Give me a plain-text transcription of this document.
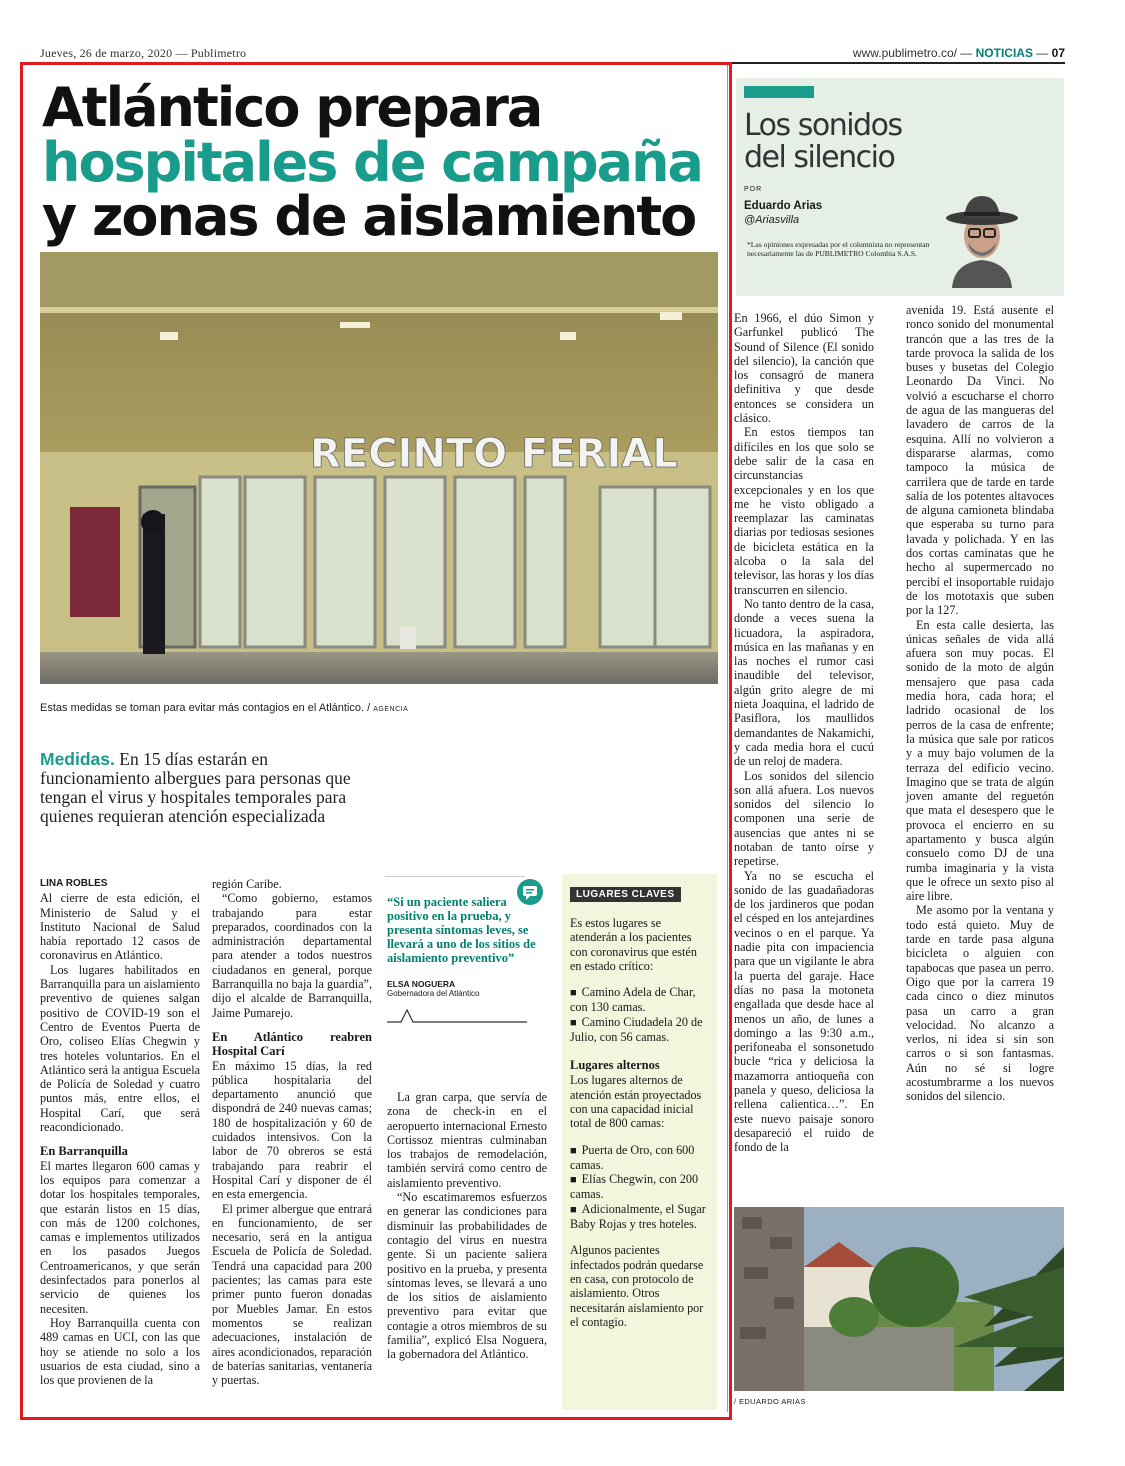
Jueves, 26 de marzo, 2020 — Publimetro	www.publimetro.co/ — NOTICIAS — 07
Atlántico prepara
hospitales de campaña
y zonas de aislamiento
RECINTO FERIAL
Estas medidas se toman para evitar más contagios en el Atlántico. / AGENCIA
Medidas. En 15 días estarán en funcionamiento albergues para personas que tengan el virus y hospitales temporales para quienes requieran atención especializada

LINA ROBLES

Al cierre de esta edición, el Ministerio de Salud y el Instituto Nacional de Salud había reportado 12 casos de coronavirus en Atlántico.

Los lugares habilitados en Barranquilla para un aislamiento preventivo de quienes salgan positivo de COVID-19 son el Centro de Eventos Puerta de Oro, coliseo Elías Chegwin y tres hoteles voluntarios. En el Atlántico será la antigua Escuela de Policía de Soledad y cuatro puntos más, entre ellos, el Hospital Carí, que será reacondicionado.

En Barranquilla

El martes llegaron 600 camas y los equipos para comenzar a dotar los hospitales temporales, que estarán listos en 15 días, con más de 1200 colchones, camas e implementos utilizados en los pasados Juegos Centroamericanos, y que serán desinfectados para ponerlos al servicio de quienes los necesiten.

Hoy Barranquilla cuenta con 489 camas en UCI, con las que hoy se atiende no solo a los usuarios de esta ciudad, sino a los que provienen de la

región Caribe.

“Como gobierno, estamos trabajando para estar preparados, coordinados con la administración departamental para atender a todos nuestros ciudadanos en general, porque Barranquilla no baja la guardia”, dijo el alcalde de Barranquilla, Jaime Pumarejo.

En Atlántico reabren Hospital Carí

En máximo 15 días, la red pública hospitalaria del departamento anunció que dispondrá de 240 nuevas camas; 180 de hospitalización y 60 de cuidados intensivos. Con la labor de 70 obreros se está trabajando para reabrir el Hospital Carí y disponer de él en esta emergencia.

El primer albergue que entrará en funcionamiento, de ser necesario, será en la antigua Escuela de Policía de Soledad. Tendrá una capacidad para 200 pacientes; las camas para este primer punto fueron donadas por Muebles Jamar. En estos momentos se realizan adecuaciones, instalación de aires acondicionados, reparación de baterías sanitarias, ventanería y puertas.

“Si un paciente saliera positivo en la prueba, y presenta síntomas leves, se llevará a uno de los sitios de aislamiento preventivo”
ELSA NOGUERA
Gobernadora del Atlántico

La gran carpa, que servía de zona de check-in en el aeropuerto internacional Ernesto Cortissoz mientras culminaban los trabajos de remodelación, también servirá como centro de aislamiento preventivo.

“No escatimaremos esfuerzos en generar las condiciones para disminuir las probabilidades de contagio del virus en nuestra gente. Si un paciente saliera positivo en la prueba, y presenta síntomas leves, se llevará a uno de los sitios de aislamiento preventivo para evitar que contagie a otros miembros de su familia”, explicó Elsa Noguera, la gobernadora del Atlántico.

LUGARES CLAVES
Es estos lugares se atenderán a los pacientes con coronavirus que estén en estado crítico:
■ Camino Adela de Char, con 130 camas.
■ Camino Ciudadela 20 de Julio, con 56 camas.
Lugares alternos
Los lugares alternos de atención están proyectados con una capacidad inicial total de 800 camas:
■ Puerta de Oro, con 600 camas.
■ Elías Chegwin, con 200 camas.
■ Adicionalmente, el Sugar Baby Rojas y tres hoteles.
Algunos pacientes infectados podrán quedarse en casa, con protocolo de aislamiento. Otros necesitarán aislamiento por el contagio.
Los sonidos
del silencio
POR
Eduardo Arias
@Ariasvilla
*Las opiniones expresadas por el columnista no representan necesariamente las de PUBLIMETRO Colombia S.A.S.

En 1966, el dúo Simon y Garfunkel publicó The Sound of Silence (El sonido del silencio), la canción que los consagró de manera definitiva y que desde entonces se considera un clásico.

En estos tiempos tan difíciles en los que solo se debe salir de la casa en circunstancias excepcionales y en los que me he visto obligado a reemplazar las caminatas diarias por tediosas sesiones de bicicleta estática en la alcoba o la sala del televisor, las horas y los días transcurren en silencio.

No tanto dentro de la casa, donde a veces suena la licuadora, la aspiradora, música en las mañanas y en las noches el rumor casi inaudible del televisor, algún grito alegre de mi nieta Joaquina, el ladrido de Pasiflora, los maullidos demandantes de Nakamichi, y cada media hora el cucú de un reloj de madera.

Los sonidos del silencio son allá afuera. Los nuevos sonidos del silencio lo componen una serie de ausencias que antes ni se notaban de tanto oírse y repetirse.

Ya no se escucha el sonido de las guadañadoras de los jardineros que podan el césped en los antejardines vecinos o en el parque. Ya nadie pita con impaciencia para que un vigilante le abra la puerta del garaje. Hace días no pasa la motoneta engallada que desde hace al menos un año, de lunes a domingo a las 9:30 a.m., perifoneaba el sonsonetudo bucle “rica y deliciosa la mazamorra antioqueña con panela y queso, deliciosa la rellena calientica…”. En este nuevo paisaje sonoro desapareció el ruido de fondo de la

avenida 19. Está ausente el ronco sonido del monumental trancón que a las tres de la tarde provoca la salida de los buses y busetas del Colegio Leonardo Da Vinci. No volvió a escucharse el chorro de agua de las mangueras del lavadero de carros de la esquina. Allí no volvieron a dispararse alarmas, como tampoco la música de carrilera que de tarde en tarde salía de los potentes altavoces de alguna camioneta blindaba que esperaba su turno para lavada y polichada. Y en las dos cortas caminatas que he hecho al supermercado no percibí el insoportable ruidajo de los mototaxis que suben por la 127.

En esta calle desierta, las únicas señales de vida allá afuera son muy pocas. El sonido de la moto de algún mensajero que pasa cada media hora, cada hora; el ladrido ocasional de los perros de la casa de enfrente; la música que sale por raticos y a muy bajo volumen de la terraza del edificio vecino. Imagino que se trata de algún joven amante del reguetón que mata el desespero que le provoca el encierro en su apartamento y busca algún consuelo como DJ de una rumba imaginaria y la vista que le ofrece un sexto piso al aire libre.

Me asomo por la ventana y todo está quieto. Muy de tarde en tarde pasa alguna bicicleta o alguien con tapabocas que pasea un perro. Oigo que por la carrera 19 cada cinco o diez minutos pasa un carro a gran velocidad. No alcanzo a verlos, ni idea si sin son carros o si son fantasmas. Aún no sé si logre acostumbrarme a los nuevos sonidos del silencio.

/ EDUARDO ARIAS
